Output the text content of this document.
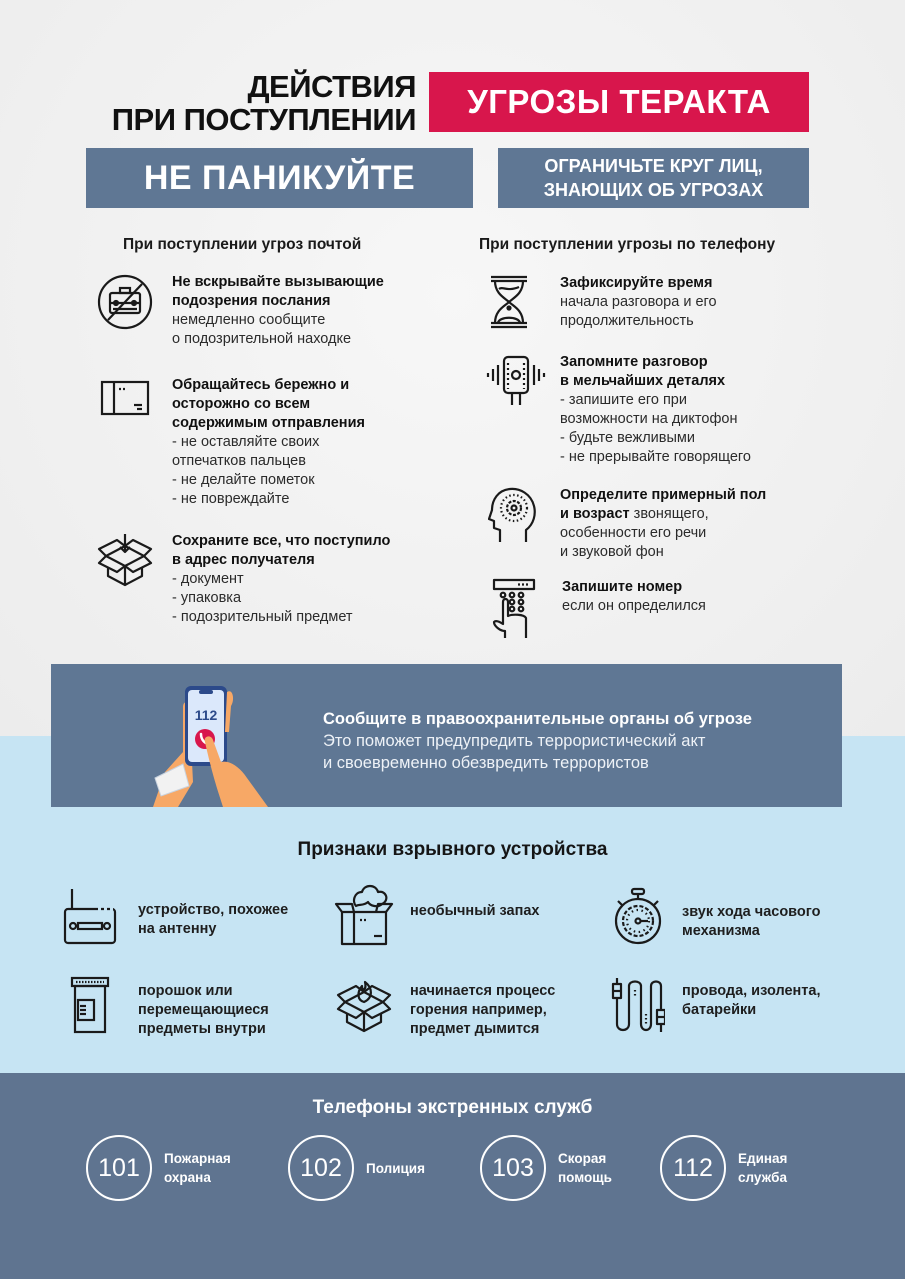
ДЕЙСТВИЯ
ПРИ ПОСТУПЛЕНИИ	УГРОЗЫ ТЕРАКТА
НЕ ПАНИКУЙТЕ	ОГРАНИЧЬТЕ КРУГ ЛИЦ,
ЗНАЮЩИХ ОБ УГРОЗАХ
При поступлении угроз почтой
Не вскрывайте вызывающие
подозрения послания
немедленно сообщите
о подозрительной находке
Обращайтесь бережно и
осторожно со всем
содержимым отправления
- не оставляйте своих
отпечатков пальцев
- не делайте пометок
- не повреждайте
Сохраните все, что поступило
в адрес получателя
- документ
- упаковка
- подозрительный предмет
При поступлении угрозы по телефону
Зафиксируйте время
начала разговора и его
продолжительность
Запомните разговор
в мельчайших деталях
- запишите его при
возможности на диктофон
- будьте вежливыми
- не прерывайте говорящего
Определите примерный пол
и возраст звонящего,
особенности его речи
и звуковой фон
Запишите номер
если он определился
112	Сообщите в правоохранительные органы об угрозе
Это поможет предупредить террористический акт
и своевременно обезвредить террористов
Признаки взрывного устройства
устройство, похожее
на антенну
необычный запах	звук хода часового
механизма
порошок или
перемещающиеся
предметы внутри
начинается процесс
горения например,
предмет дымится
провода, изолента,
батарейки
Телефоны экстренных служб
101	Пожарная
охрана	102	Полиция	103	Скорая
помощь	112	Единая
служба
